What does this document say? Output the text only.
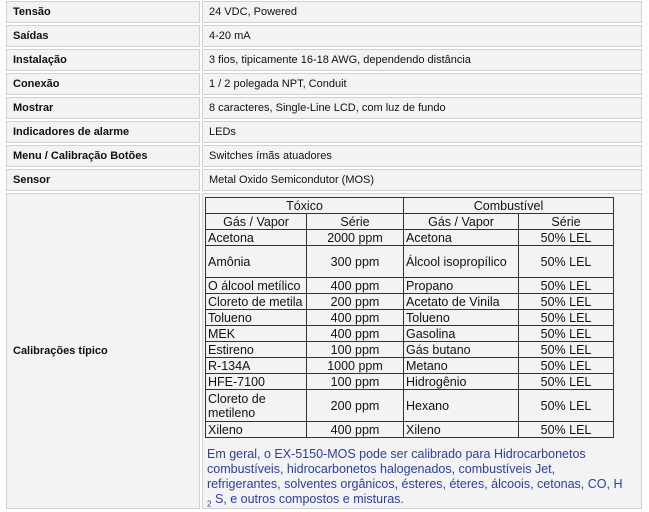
Tensão	24 VDC, Powered
Saídas	4-20 mA
Instalação	3 fios, tipicamente 16-18 AWG, dependendo distância
Conexão	1 / 2 polegada NPT, Conduit
Mostrar	8 caracteres, Single-Line LCD, com luz de fundo
Indicadores de alarme	LEDs
Menu / Calibração Botões	Switches ímãs atuadores
Sensor	Metal Oxido Semicondutor (MOS)
Calibrações típico
Tóxico		Combustível	
Gás / Vapor	Série	Gás / Vapor	Série
Acetona	2000 ppm	Acetona	50% LEL
Amônia	300 ppm	Álcool isopropílico	50% LEL
O álcool metílico	400 ppm	Propano	50% LEL
Cloreto de metila	200 ppm	Acetato de Vinila	50% LEL
Tolueno	400 ppm	Tolueno	50% LEL
MEK	400 ppm	Gasolina	50% LEL
Estireno	100 ppm	Gás butano	50% LEL
R-134A	1000 ppm	Metano	50% LEL
HFE-7100	100 ppm	Hidrogênio	50% LEL
Cloreto de metileno	200 ppm	Hexano	50% LEL
Xileno	400 ppm	Xileno	50% LEL
Em geral, o EX-5150-MOS pode ser calibrado para Hidrocarbonetos combustíveis, hidrocarbonetos halogenados, combustíveis Jet, refrigerantes, solventes orgânicos, ésteres, éteres, álcoois, cetonas, CO, H $_2$ S, e outros compostos e misturas.
